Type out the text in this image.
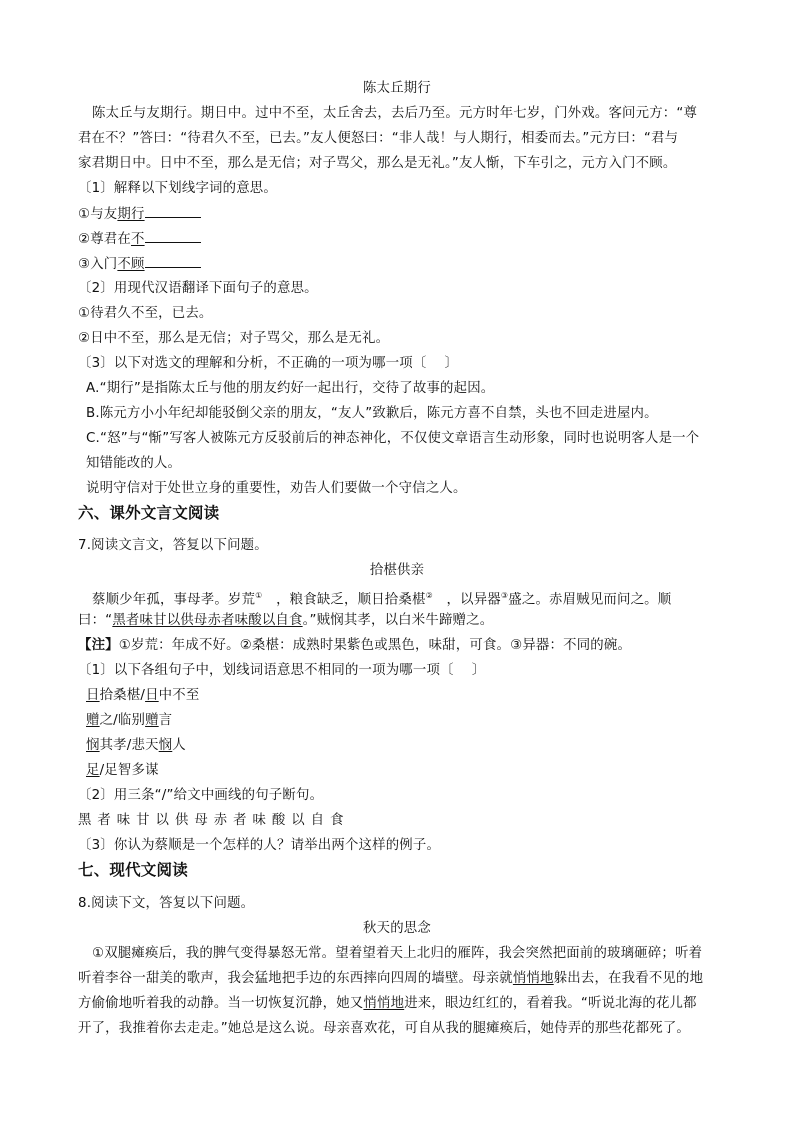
陈太丘期行
陈太丘与友期行。期日中。过中不至，太丘舍去，去后乃至。元方时年七岁，门外戏。客问元方：“尊
君在不？”答曰：“待君久不至，已去。”友人便怒曰：“非人哉！与人期行，相委而去。”元方曰：“君与
家君期日中。日中不至，那么是无信；对子骂父，那么是无礼。”友人惭，下车引之，元方入门不顾。
〔1〕解释以下划线字词的意思。
①与友期行
②尊君在不
③入门不顾
〔2〕用现代汉语翻译下面句子的意思。
①待君久不至，已去。
②日中不至，那么是无信；对子骂父，那么是无礼。
〔3〕以下对选文的理解和分析，不正确的一项为哪一项〔　 〕
A.“期行”是指陈太丘与他的朋友约好一起出行，交待了故事的起因。
B.陈元方小小年纪却能驳倒父亲的朋友，“友人”致歉后，陈元方喜不自禁，头也不回走进屋内。
C.“怒”与“惭”写客人被陈元方反驳前后的神态神化，不仅使文章语言生动形象，同时也说明客人是一个
知错能改的人。
说明守信对于处世立身的重要性，劝告人们要做一个守信之人。
六、课外文言文阅读
7.阅读文言文，答复以下问题。
拾椹供亲
蔡顺少年孤，事母孝。岁荒①　 ，粮食缺乏，顺日拾桑椹②　 ，以异器③盛之。赤眉贼见而问之。顺
曰：“黑者味甘以供母赤者味酸以自食。”贼悯其孝，以白米牛蹄赠之。
【注】①岁荒：年成不好。②桑椹：成熟时果紫色或黑色，味甜，可食。③异器：不同的碗。
〔1〕以下各组句子中，划线词语意思不相同的一项为哪一项〔　 〕
日拾桑椹/日中不至
赠之/临别赠言
悯其孝/悲天悯人
足/足智多谋
〔2〕用三条“/”给文中画线的句子断句。
黑者味甘以供母赤者味酸以自食
〔3〕你认为蔡顺是一个怎样的人？请举出两个这样的例子。
七、现代文阅读
8.阅读下文，答复以下问题。
秋天的思念
①双腿瘫痪后，我的脾气变得暴怒无常。望着望着天上北归的雁阵，我会突然把面前的玻璃砸碎；听着
听着李谷一甜美的歌声，我会猛地把手边的东西摔向四周的墙壁。母亲就悄悄地躲出去，在我看不见的地
方偷偷地听着我的动静。当一切恢复沉静，她又悄悄地进来，眼边红红的，看着我。“听说北海的花儿都
开了，我推着你去走走。”她总是这么说。母亲喜欢花，可自从我的腿瘫痪后，她侍弄的那些花都死了。
